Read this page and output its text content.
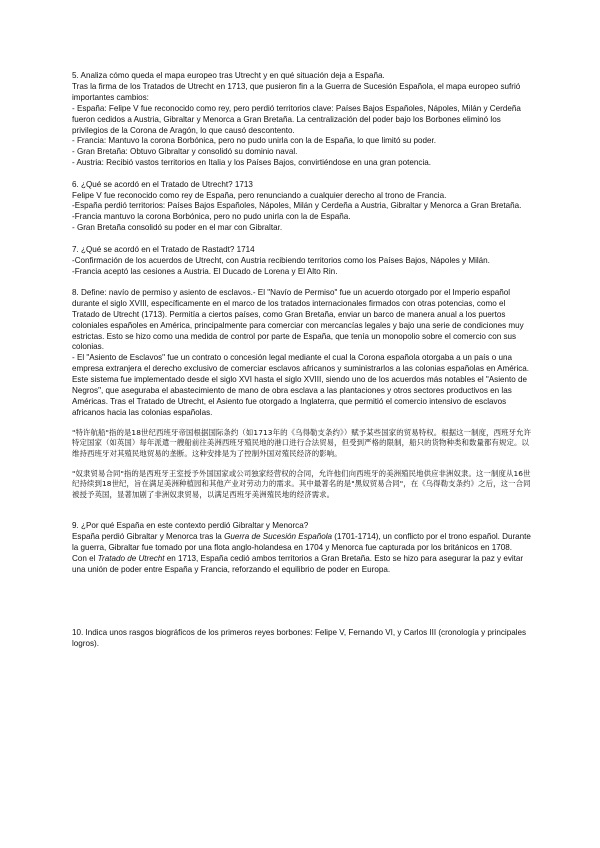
5. Analiza cómo queda el mapa europeo tras Utrecht y en qué situación deja a España.

Tras la firma de los Tratados de Utrecht en 1713, que pusieron fin a la Guerra de Sucesión Española, el mapa europeo sufrió importantes cambios:

- España: Felipe V fue reconocido como rey, pero perdió territorios clave: Países Bajos Españoles, Nápoles, Milán y Cerdeña fueron cedidos a Austria, Gibraltar y Menorca a Gran Bretaña. La centralización del poder bajo los Borbones eliminó los privilegios de la Corona de Aragón, lo que causó descontento.

- Francia: Mantuvo la corona Borbónica, pero no pudo unirla con la de España, lo que limitó su poder.

- Gran Bretaña: Obtuvo Gibraltar y consolidó su dominio naval.

- Austria: Recibió vastos territorios en Italia y los Países Bajos, convirtiéndose en una gran potencia.

6. ¿Qué se acordó en el Tratado de Utrecht? 1713

Felipe V fue reconocido como rey de España, pero renunciando a cualquier derecho al trono de Francia.

-España perdió territorios: Países Bajos Españoles, Nápoles, Milán y Cerdeña a Austria, Gibraltar y Menorca a Gran Bretaña.

-Francia mantuvo la corona Borbónica, pero no pudo unirla con la de España.

- Gran Bretaña consolidó su poder en el mar con Gibraltar.

7. ¿Qué se acordó en el Tratado de Rastadt? 1714

-Confirmación de los acuerdos de Utrecht, con Austria recibiendo territorios como los Países Bajos, Nápoles y Milán.

-Francia aceptó las cesiones a Austria. El Ducado de Lorena y El Alto Rin.

8. Define: navío de permiso y asiento de esclavos.- El "Navío de Permiso" fue un acuerdo otorgado por el Imperio español durante el siglo XVIII, específicamente en el marco de los tratados internacionales firmados con otras potencias, como el Tratado de Utrecht (1713). Permitía a ciertos países, como Gran Bretaña, enviar un barco de manera anual a los puertos coloniales españoles en América, principalmente para comerciar con mercancías legales y bajo una serie de condiciones muy estrictas. Esto se hizo como una medida de control por parte de España, que tenía un monopolio sobre el comercio con sus colonias.

- El "Asiento de Esclavos" fue un contrato o concesión legal mediante el cual la Corona española otorgaba a un país o una empresa extranjera el derecho exclusivo de comerciar esclavos africanos y suministrarlos a las colonias españolas en América. Este sistema fue implementado desde el siglo XVI hasta el siglo XVIII, siendo uno de los acuerdos más notables el "Asiento de Negros", que aseguraba el abastecimiento de mano de obra esclava a las plantaciones y otros sectores productivos en las Américas. Tras el Tratado de Utrecht, el Asiento fue otorgado a Inglaterra, que permitió el comercio intensivo de esclavos africanos hacia las colonias españolas.

"特许航船"指的是18世纪西班牙帝国根据国际条约（如1713年的《乌得勒支条约》）赋予某些国家的贸易特权。根据这一制度，西班牙允许特定国家（如英国）每年派遣一艘船前往美洲西班牙殖民地的港口进行合法贸易，但受到严格的限制，船只的货物种类和数量都有规定。以维持西班牙对其殖民地贸易的垄断。这种安排是为了控制外国对殖民经济的影响。

"奴隶贸易合同"指的是西班牙王室授予外国国家或公司独家经营权的合同，允许他们向西班牙的美洲殖民地供应非洲奴隶。这一制度从16世纪持续到18世纪，旨在满足美洲种植园和其他产业对劳动力的需求。其中最著名的是"黑奴贸易合同"，在《乌得勒支条约》之后，这一合同被授予英国，显著加剧了非洲奴隶贸易，以满足西班牙美洲殖民地的经济需求。

9. ¿Por qué España en este contexto perdió Gibraltar y Menorca?

España perdió Gibraltar y Menorca tras la Guerra de Sucesión Española (1701-1714), un conflicto por el trono español. Durante la guerra, Gibraltar fue tomado por una flota anglo-holandesa en 1704 y Menorca fue capturada por los británicos en 1708.

Con el Tratado de Utrecht en 1713, España cedió ambos territorios a Gran Bretaña. Esto se hizo para asegurar la paz y evitar una unión de poder entre España y Francia, reforzando el equilibrio de poder en Europa.

10. Indica unos rasgos biográficos de los primeros reyes borbones: Felipe V, Fernando VI, y Carlos III (cronología y principales logros).
